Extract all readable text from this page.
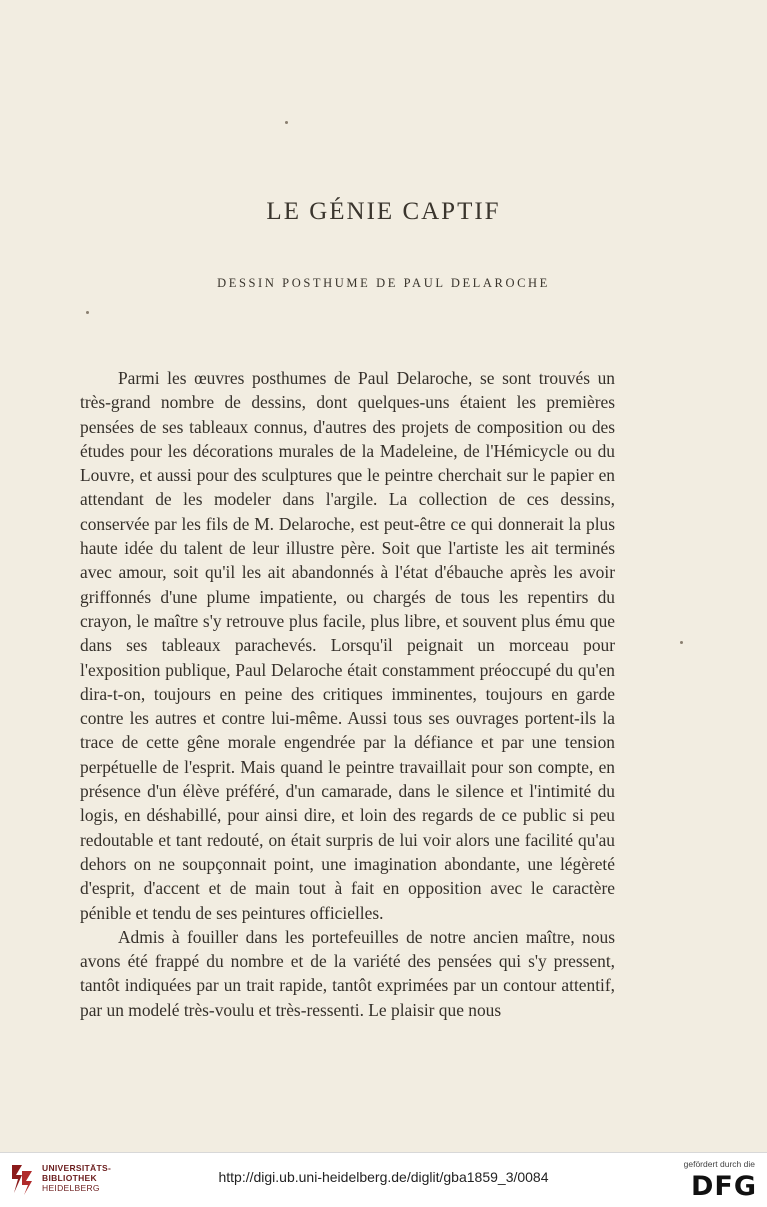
LE GÉNIE CAPTIF
DESSIN POSTHUME DE PAUL DELAROCHE

Parmi les œuvres posthumes de Paul Delaroche, se sont trouvés un très-grand nombre de dessins, dont quelques-uns étaient les premières pensées de ses tableaux connus, d'autres des projets de composition ou des études pour les décorations murales de la Madeleine, de l'Hémicycle ou du Louvre, et aussi pour des sculptures que le peintre cherchait sur le papier en attendant de les modeler dans l'argile. La collection de ces dessins, conservée par les fils de M. Delaroche, est peut-être ce qui donnerait la plus haute idée du talent de leur illustre père. Soit que l'artiste les ait terminés avec amour, soit qu'il les ait abandonnés à l'état d'ébauche après les avoir griffonnés d'une plume impatiente, ou chargés de tous les repentirs du crayon, le maître s'y retrouve plus facile, plus libre, et souvent plus ému que dans ses tableaux parachevés. Lorsqu'il peignait un morceau pour l'exposition publique, Paul Delaroche était constamment préoccupé du qu'en dira-t-on, toujours en peine des critiques imminentes, toujours en garde contre les autres et contre lui-même. Aussi tous ses ouvrages portent-ils la trace de cette gêne morale engendrée par la défiance et par une tension perpétuelle de l'esprit. Mais quand le peintre travaillait pour son compte, en présence d'un élève préféré, d'un camarade, dans le silence et l'intimité du logis, en déshabillé, pour ainsi dire, et loin des regards de ce public si peu redoutable et tant redouté, on était surpris de lui voir alors une facilité qu'au dehors on ne soupçonnait point, une imagination abondante, une légèreté d'esprit, d'accent et de main tout à fait en opposition avec le caractère pénible et tendu de ses peintures officielles.

Admis à fouiller dans les portefeuilles de notre ancien maître, nous avons été frappé du nombre et de la variété des pensées qui s'y pressent, tantôt indiquées par un trait rapide, tantôt exprimées par un contour attentif, par un modelé très-voulu et très-ressenti. Le plaisir que nous

UNIVERSITÄTS-
BIBLIOTHEK
HEIDELBERG
http://digi.ub.uni-heidelberg.de/diglit/gba1859_3/0084
gefördert durch die
DFG
